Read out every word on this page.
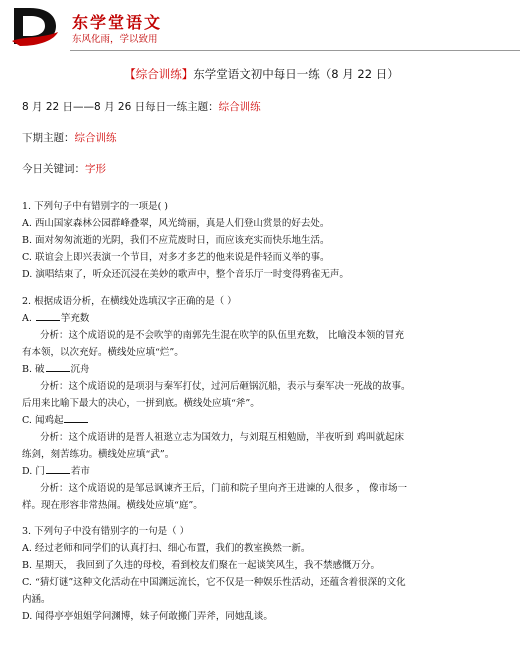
东学堂语文
东风化雨，学以致用
【综合训练】东学堂语文初中每日一练（8 月 22 日）
8 月 22 日——8 月 26 日每日一练主题：综合训练
下期主题：综合训练
今日关键词：字形
1. 下列句子中有错别字的一项是( )
A. 西山国家森林公园群峰叠翠，风光绮丽，真是人们登山赏景的好去处。
B. 面对匆匆流逝的光阴，我们不应荒废时日，而应该充实而快乐地生活。
C. 联谊会上即兴表演一个节目，对多才多艺的他来说是件轻而义举的事。
D. 演唱结束了，听众还沉浸在美妙的歌声中，整个音乐厅一时变得鸦雀无声。
2. 根据成语分析，在横线处选填汉字正确的是（ ）
A.	竽充数
分析：这个成语说的是不会吹竽的南郭先生混在吹竽的队伍里充数， 比喻没本领的冒充
有本领，以次充好。横线处应填“烂”。
B. 破	沉舟
分析：这个成语说的是项羽与秦军打仗，过河后砸锅沉船，表示与秦军决一死战的故事。
后用来比喻下最大的决心，一拼到底。横线处应填“斧”。
C. 闻鸡起
分析：这个成语讲的是晋人祖逖立志为国效力，与刘琨互相勉励，半夜听到 鸡叫就起床
练剑，刻苦练功。横线处应填“武”。
D. 门	若市
分析：这个成语说的是邹忌讽谏齐王后，门前和院子里向齐王进谏的人很多 ， 像市场一
样。现在形容非常热闹。横线处应填“庭”。
3. 下列句子中没有错别字的一句是（ ）
A. 经过老师和同学们的认真打扫、细心布置，我们的教室换然一新。
B. 星期天， 我回到了久违的母校，看到校友们聚在一起谈笑风生，我不禁感慨万分。
C. “猜灯谜”这种文化活动在中国渊远流长，它不仅是一种娱乐性活动，还蕴含着很深的文化
内涵。
D. 闻得亭亭姐姐学问渊博，妹子何敢搬门弄斧，同她乱谈。
